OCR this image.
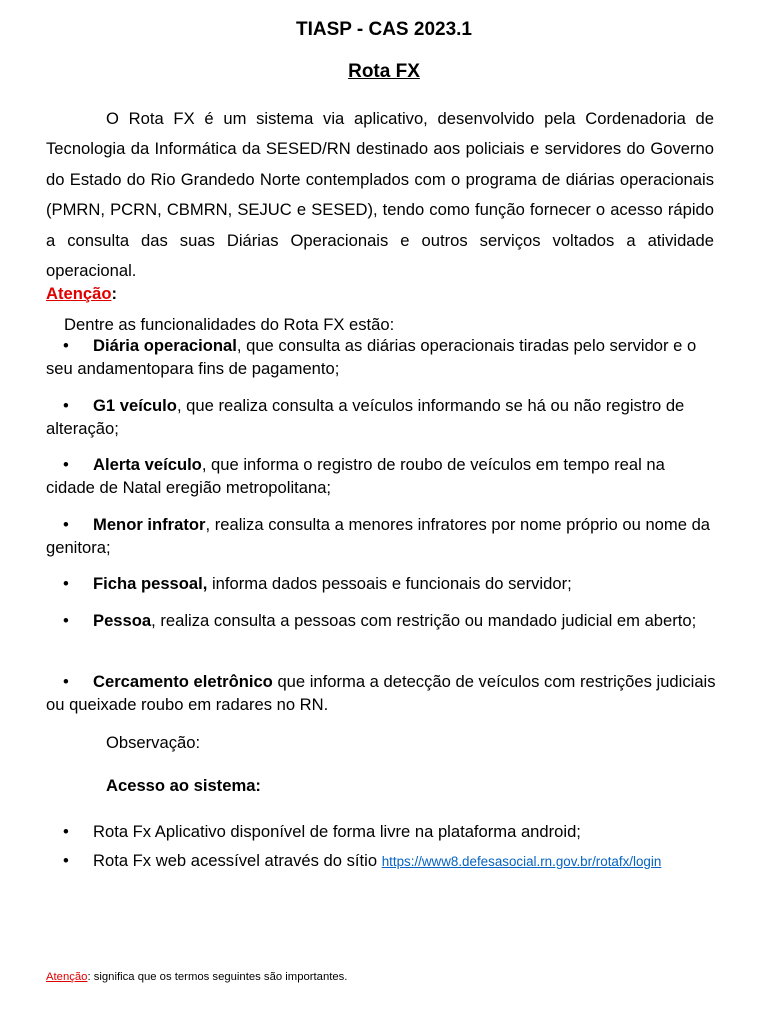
TIASP - CAS 2023.1
Rota FX

O Rota FX é um sistema via aplicativo, desenvolvido pela Cordenadoria de Tecnologia da Informática da SESED/RN destinado aos policiais e servidores do Governo do Estado do Rio Grandedo Norte contemplados com o programa de diárias operacionais (PMRN, PCRN, CBMRN, SEJUC e SESED), tendo como função fornecer o acesso rápido a consulta das suas Diárias Operacionais e outros serviços voltados a atividade operacional.

Atenção:

Dentre as funcionalidades do Rota FX estão:

• Diária operacional, que consulta as diárias operacionais tiradas pelo servidor e o seu andamentopara fins de pagamento;

• G1 veículo, que realiza consulta a veículos informando se há ou não registro de alteração;

• Alerta veículo, que informa o registro de roubo de veículos em tempo real na cidade de Natal eregião metropolitana;

• Menor infrator, realiza consulta a menores infratores por nome próprio ou nome da genitora;

• Ficha pessoal, informa dados pessoais e funcionais do servidor;

• Pessoa, realiza consulta a pessoas com restrição ou mandado judicial em aberto;

• Cercamento eletrônico que informa a detecção de veículos com restrições judiciais ou queixade roubo em radares no RN.

Observação:

Acesso ao sistema:

• Rota Fx Aplicativo disponível de forma livre na plataforma android;

• Rota Fx web acessível através do sítio https://www8.defesasocial.rn.gov.br/rotafx/login

Atenção: significa que os termos seguintes são importantes.
